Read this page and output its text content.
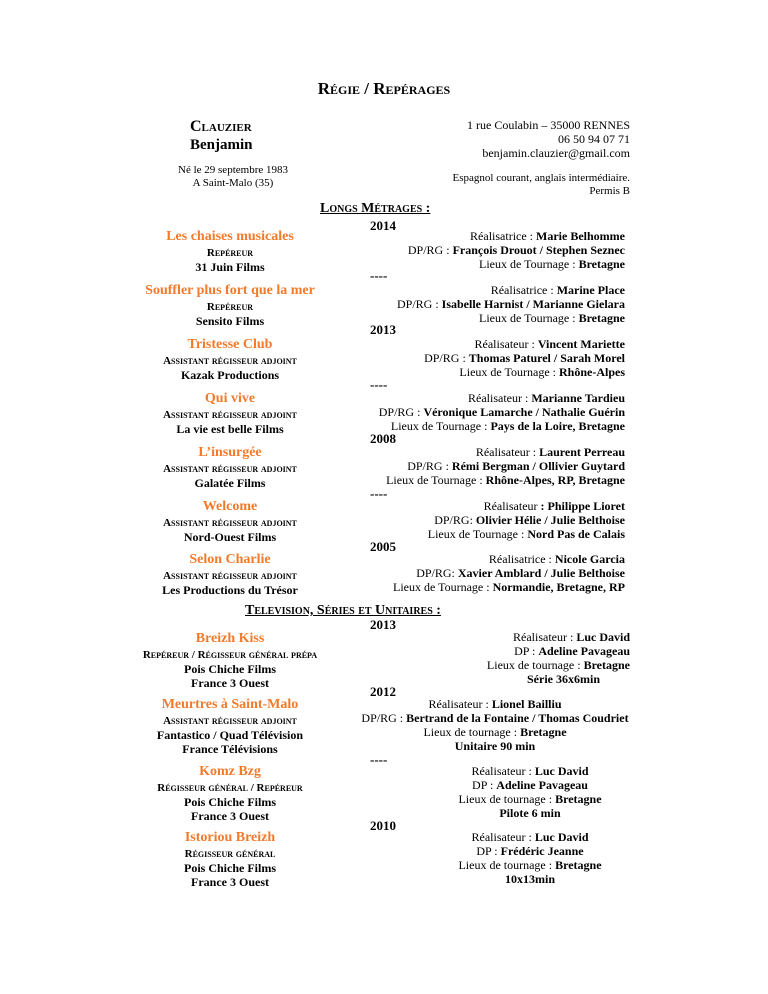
Régie / Repérages
Clauzier
Benjamin
Né le 29 septembre 1983
A Saint-Malo (35)
1 rue Coulabin – 35000 RENNES
06 50 94 07 71
benjamin.clauzier@gmail.com
Espagnol courant, anglais intermédiaire.
Permis B
Longs Métrages :
2014
----
2013
----
2008
----
2005
Les chaises musicales
Repéreur
31 Juin Films
Réalisatrice : Marie Belhomme
DP/RG : François Drouot / Stephen Seznec
Lieux de Tournage : Bretagne
Souffler plus fort que la mer
Repéreur
Sensito Films
Réalisatrice : Marine Place
DP/RG : Isabelle Harnist / Marianne Gielara
Lieux de Tournage : Bretagne
Tristesse Club
Assistant régisseur adjoint
Kazak Productions
Réalisateur : Vincent Mariette
DP/RG : Thomas Paturel / Sarah Morel
Lieux de Tournage : Rhône-Alpes
Qui vive
Assistant régisseur adjoint
La vie est belle Films
Réalisateur : Marianne Tardieu
DP/RG : Véronique Lamarche / Nathalie Guérin
Lieux de Tournage : Pays de la Loire, Bretagne
L’insurgée
Assistant régisseur adjoint
Galatée Films
Réalisateur : Laurent Perreau
DP/RG : Rémi Bergman / Ollivier Guytard
Lieux de Tournage : Rhône-Alpes, RP, Bretagne
Welcome
Assistant régisseur adjoint
Nord-Ouest Films
Réalisateur : Philippe Lioret
DP/RG: Olivier Hélie / Julie Belthoise
Lieux de Tournage : Nord Pas de Calais
Selon Charlie
Assistant régisseur adjoint
Les Productions du Trésor
Réalisatrice : Nicole Garcia
DP/RG: Xavier Amblard / Julie Belthoise
Lieux de Tournage : Normandie, Bretagne, RP
Television, Séries et Unitaires :
2013
2012
----
2010
Breizh Kiss
Repéreur / Régisseur général prépa
Pois Chiche Films
France 3 Ouest
Réalisateur : Luc David
DP : Adeline Pavageau
Lieux de tournage : Bretagne
Série 36x6min
Meurtres à Saint-Malo
Assistant régisseur adjoint
Fantastico / Quad Télévision
France Télévisions
Réalisateur : Lionel Bailliu
DP/RG : Bertrand de la Fontaine / Thomas Coudriet
Lieux de tournage : Bretagne
Unitaire 90 min
Komz Bzg
Régisseur général / Repéreur
Pois Chiche Films
France 3 Ouest
Réalisateur : Luc David
DP : Adeline Pavageau
Lieux de tournage : Bretagne
Pilote 6 min
Istoriou Breizh
Régisseur général
Pois Chiche Films
France 3 Ouest
Réalisateur : Luc David
DP : Frédéric Jeanne
Lieux de tournage : Bretagne
10x13min
